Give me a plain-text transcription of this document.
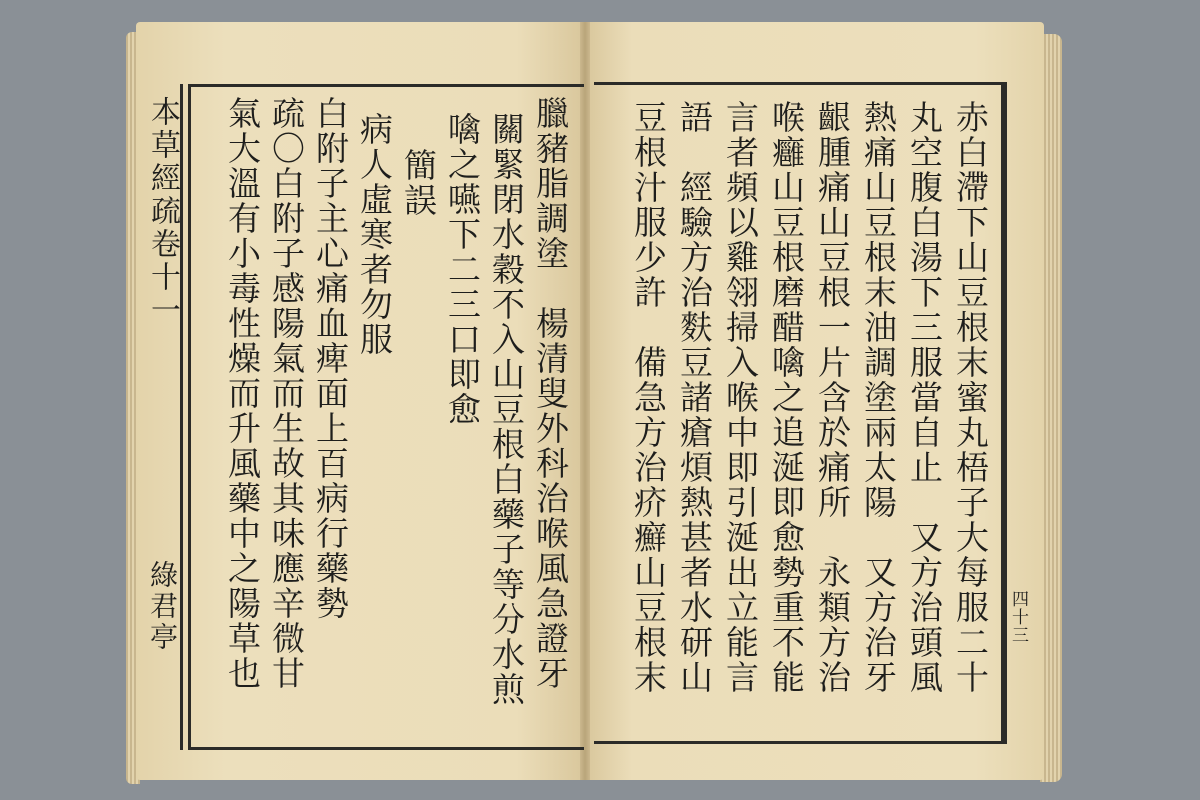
本草經疏卷十一
綠君亭	四十三
臘豬脂調塗　楊清叟外科治喉風急證牙
關緊閉水穀不入山豆根白藥子等分水煎
噙之嚥下二三口即愈
簡誤
病人虛寒者勿服
白附子主心痛血痺面上百病行藥勢
疏〇白附子感陽氣而生故其味應辛微甘
氣大溫有小毒性燥而升風藥中之陽草也	赤白滯下山豆根末蜜丸梧子大每服二十
丸空腹白湯下三服當自止　又方治頭風
熱痛山豆根末油調塗兩太陽　又方治牙
齦腫痛山豆根一片含於痛所　永類方治
喉癰山豆根磨醋噙之追涎即愈勢重不能
言者頻以雞翎掃入喉中即引涎出立能言
語　經驗方治麩豆諸瘡煩熱甚者水研山
豆根汁服少許　備急方治疥癬山豆根末
